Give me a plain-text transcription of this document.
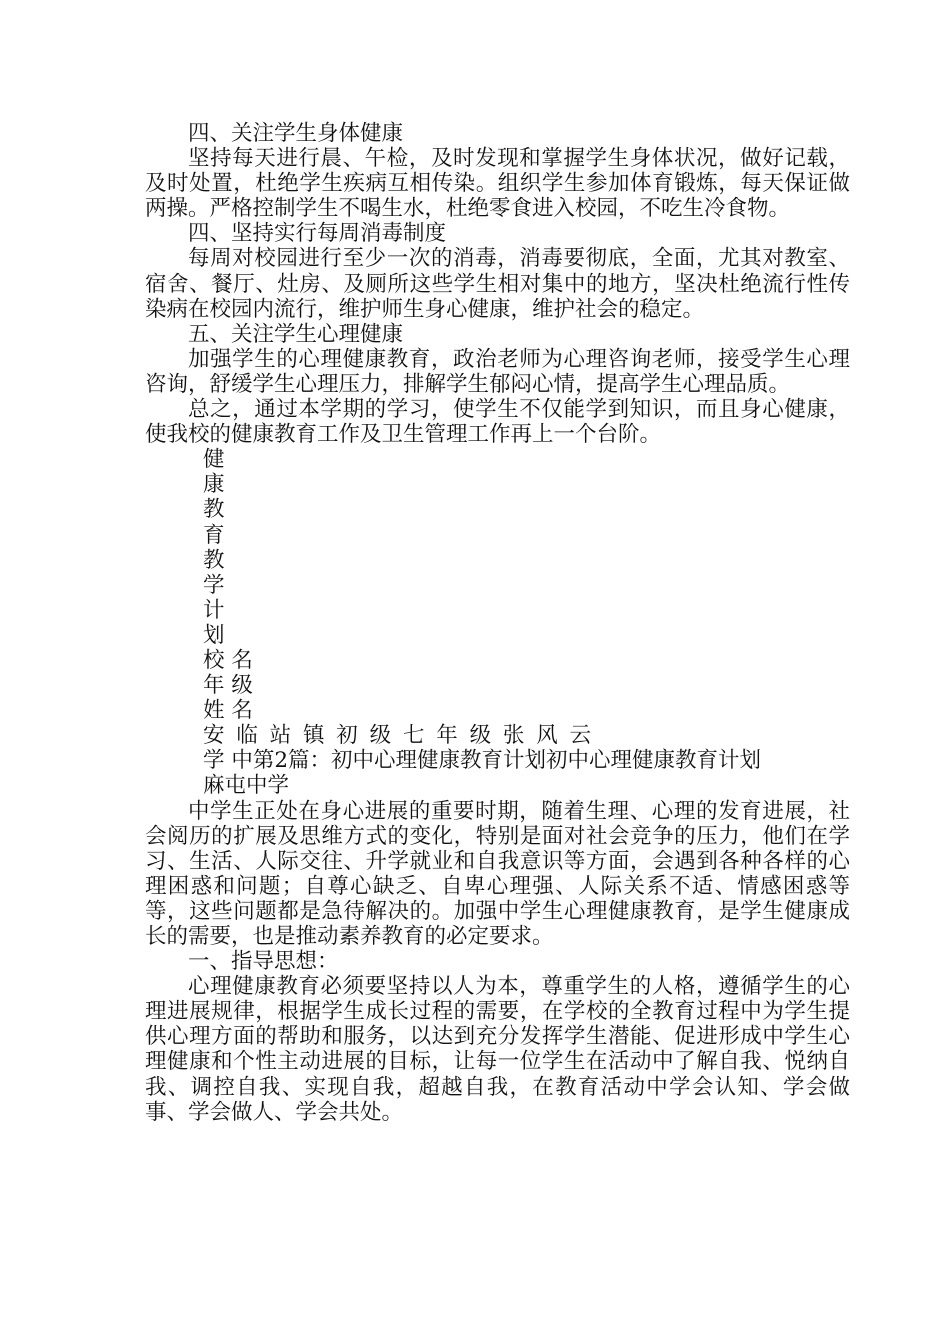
四、关注学生身体健康

坚持每天进行晨、午检，及时发现和掌握学生身体状况，做好记载，及时处置，杜绝学生疾病互相传染。组织学生参加体育锻炼，每天保证做两操。严格控制学生不喝生水，杜绝零食进入校园，不吃生冷食物。

四、坚持实行每周消毒制度

每周对校园进行至少一次的消毒，消毒要彻底，全面，尤其对教室、宿舍、餐厅、灶房、及厕所这些学生相对集中的地方，坚决杜绝流行性传染病在校园内流行，维护师生身心健康，维护社会的稳定。

五、关注学生心理健康

加强学生的心理健康教育，政治老师为心理咨询老师，接受学生心理咨询，舒缓学生心理压力，排解学生郁闷心情，提高学生心理品质。

总之，通过本学期的学习，使学生不仅能学到知识，而且身心健康，使我校的健康教育工作及卫生管理工作再上一个台阶。

健
康
教
育
教
学
计
划
校 名
年 级
姓 名
安临站镇初级七年级张风云
学 中第2篇：初中心理健康教育计划初中心理健康教育计划
麻屯中学

中学生正处在身心进展的重要时期，随着生理、心理的发育进展，社会阅历的扩展及思维方式的变化，特别是面对社会竞争的压力，他们在学习、生活、人际交往、升学就业和自我意识等方面，会遇到各种各样的心理困惑和问题；自尊心缺乏、自卑心理强、人际关系不适、情感困惑等等，这些问题都是急待解决的。加强中学生心理健康教育，是学生健康成长的需要，也是推动素养教育的必定要求。

一、指导思想：

心理健康教育必须要坚持以人为本，尊重学生的人格，遵循学生的心理进展规律，根据学生成长过程的需要，在学校的全教育过程中为学生提供心理方面的帮助和服务，以达到充分发挥学生潜能、促进形成中学生心理健康和个性主动进展的目标，让每一位学生在活动中了解自我、悦纳自我、调控自我、实现自我，超越自我，在教育活动中学会认知、学会做事、学会做人、学会共处。
